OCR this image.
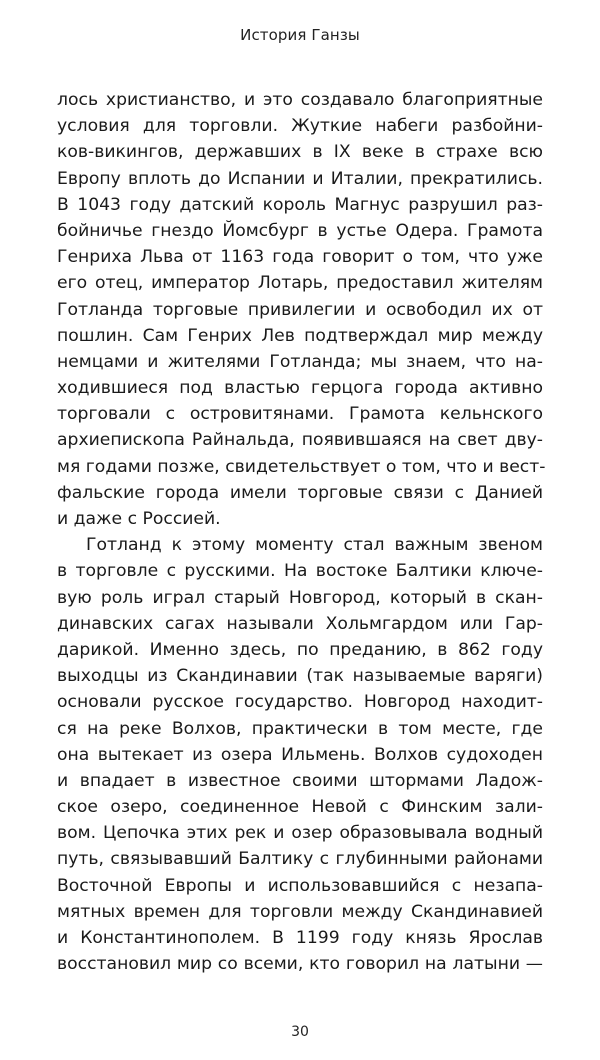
История Ганзы
лось христианство, и это создавало благоприятные
условия для торговли. Жуткие набеги разбойни-
ков-викингов, державших в IX веке в страхе всю
Европу вплоть до Испании и Италии, прекратились.
В 1043 году датский король Магнус разрушил раз-
бойничье гнездо Йомсбург в устье Одера. Грамота
Генриха Льва от 1163 года говорит о том, что уже
его отец, император Лотарь, предоставил жителям
Готланда торговые привилегии и освободил их от
пошлин. Сам Генрих Лев подтверждал мир между
немцами и жителями Готланда; мы знаем, что на-
ходившиеся под властью герцога города активно
торговали с островитянами. Грамота кельнского
архиепископа Райнальда, появившаяся на свет дву-
мя годами позже, свидетельствует о том, что и вест-
фальские города имели торговые связи с Данией
и даже с Россией.
Готланд к этому моменту стал важным звеном
в торговле с русскими. На востоке Балтики ключе-
вую роль играл старый Новгород, который в скан-
динавских сагах называли Хольмгардом или Гар-
дарикой. Именно здесь, по преданию, в 862 году
выходцы из Скандинавии (так называемые варяги)
основали русское государство. Новгород находит-
ся на реке Волхов, практически в том месте, где
она вытекает из озера Ильмень. Волхов судоходен
и впадает в известное своими штормами Ладож-
ское озеро, соединенное Невой с Финским зали-
вом. Цепочка этих рек и озер образовывала водный
путь, связывавший Балтику с глубинными районами
Восточной Европы и использовавшийся с незапа-
мятных времен для торговли между Скандинавией
и Константинополем. В 1199 году князь Ярослав
восстановил мир со всеми, кто говорил на латыни —
30
